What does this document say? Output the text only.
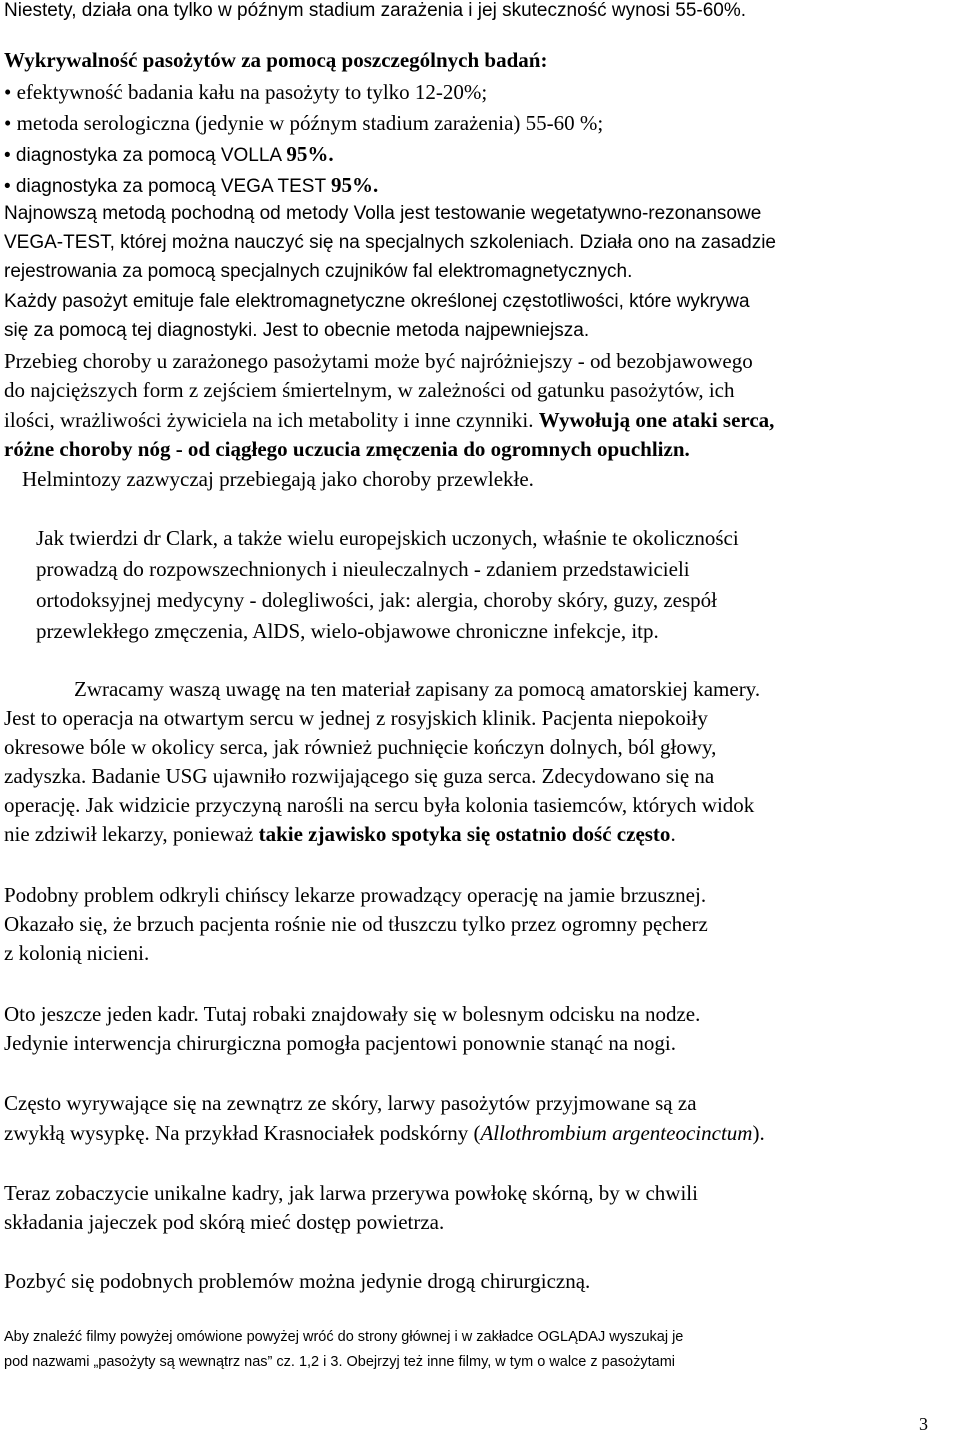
Niestety, działa ona tylko w późnym stadium zarażenia i jej skuteczność wynosi 55-60%.
Wykrywalność pasożytów za pomocą poszczególnych badań:
• efektywność badania kału na pasożyty to tylko 12-20%;
• metoda serologiczna (jedynie w późnym stadium zarażenia) 55-60 %;
• diagnostyka za pomocą VOLLA 95%.
• diagnostyka za pomocą VEGA TEST 95%.
Najnowszą metodą pochodną od metody Volla jest testowanie wegetatywno-rezonansowe
VEGA-TEST, której można nauczyć się na specjalnych szkoleniach. Działa ono na zasadzie
rejestrowania za pomocą specjalnych czujników fal elektromagnetycznych.
Każdy pasożyt emituje fale elektromagnetyczne określonej częstotliwości, które wykrywa
się za pomocą tej diagnostyki. Jest to obecnie metoda najpewniejsza.
Przebieg choroby u zarażonego pasożytami może być najróżniejszy - od bezobjawowego
do najcięższych form z zejściem śmiertelnym, w zależności od gatunku pasożytów, ich
ilości, wrażliwości żywiciela na ich metabolity i inne czynniki. Wywołują one ataki serca,
różne choroby nóg - od ciągłego uczucia zmęczenia do ogromnych opuchlizn.
Helmintozy zazwyczaj przebiegają jako choroby przewlekłe.
Jak twierdzi dr Clark, a także wielu europejskich uczonych, właśnie te okoliczności
prowadzą do rozpowszechnionych i nieuleczalnych - zdaniem przedstawicieli
ortodoksyjnej medycyny - dolegliwości, jak: alergia, choroby skóry, guzy, zespół
przewlekłego zmęczenia, AlDS, wielo-objawowe chroniczne infekcje, itp.
Zwracamy waszą uwagę na ten materiał zapisany za pomocą amatorskiej kamery.
Jest to operacja na otwartym sercu w jednej z rosyjskich klinik. Pacjenta niepokoiły
okresowe bóle w okolicy serca, jak również puchnięcie kończyn dolnych, ból głowy,
zadyszka. Badanie USG ujawniło rozwijającego się guza serca. Zdecydowano się na
operację. Jak widzicie przyczyną narośli na sercu była kolonia tasiemców, których widok
nie zdziwił lekarzy, ponieważ takie zjawisko spotyka się ostatnio dość często.
Podobny problem odkryli chińscy lekarze prowadzący operację na jamie brzusznej.
Okazało się, że brzuch pacjenta rośnie nie od tłuszczu tylko przez ogromny pęcherz
z kolonią nicieni.
Oto jeszcze jeden kadr. Tutaj robaki znajdowały się w bolesnym odcisku na nodze.
Jedynie interwencja chirurgiczna pomogła pacjentowi ponownie stanąć na nogi.
Często wyrywające się na zewnątrz ze skóry, larwy pasożytów przyjmowane są za
zwykłą wysypkę. Na przykład Krasnociałek podskórny (Allothrombium argenteocinctum).
Teraz zobaczycie unikalne kadry, jak larwa przerywa powłokę skórną, by w chwili
składania jajeczek pod skórą mieć dostęp powietrza.
Pozbyć się podobnych problemów można jedynie drogą chirurgiczną.
Aby znaleźć filmy powyżej omówione powyżej wróć do strony głównej i w zakładce OGLĄDAJ wyszukaj je
pod nazwami „pasożyty są wewnątrz nas” cz. 1,2 i 3. Obejrzyj też inne filmy, w tym o walce z pasożytami
3
